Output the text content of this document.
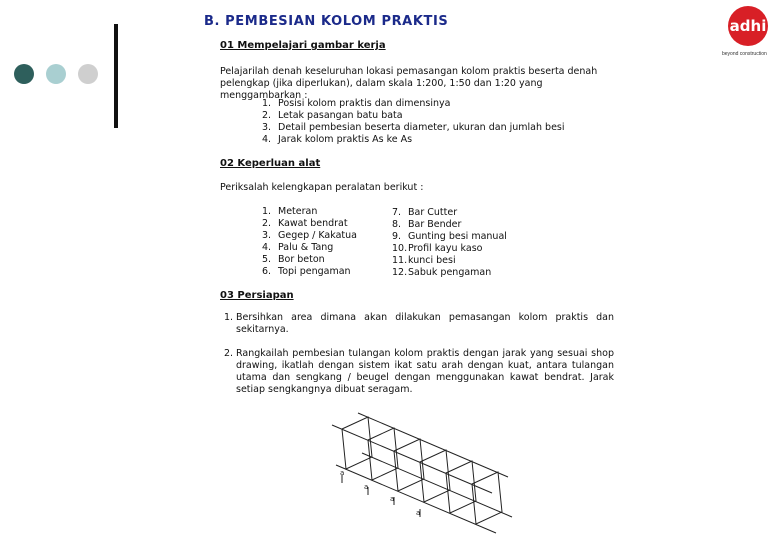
B. PEMBESIAN KOLOM PRAKTIS	adhi
beyond construction
01 Mempelajari gambar kerja
Pelajarilah denah keseluruhan lokasi pemasangan kolom praktis beserta denah pelengkap (jika diperlukan), dalam skala 1:200, 1:50 dan 1:20 yang menggambarkan :
1. Posisi kolom praktis dan dimensinya
2. Letak pasangan batu bata
3. Detail pembesian beserta diameter, ukuran dan jumlah besi
4. Jarak kolom praktis As ke As
02 Keperluan alat
Periksalah kelengkapan peralatan berikut :
1. Meteran
2. Kawat bendrat
3. Gegep / Kakatua
4. Palu & Tang
5. Bor beton
6. Topi pengaman
7. Bar Cutter
8. Bar Bender
9. Gunting besi manual
10.Profil kayu kaso
11.kunci besi
12.Sabuk pengaman
03 Persiapan
1. Bersihkan area dimana akan dilakukan pemasangan kolom praktis dan sekitarnya.
2. Rangkailah pembesian tulangan kolom praktis dengan jarak yang sesuai shop drawing, ikatlah dengan sistem ikat satu arah dengan kuat, antara tulangan utama dan sengkang / beugel dengan menggunakan kawat bendrat. Jarak setiap sengkangnya dibuat seragam.
a
a
a
a
